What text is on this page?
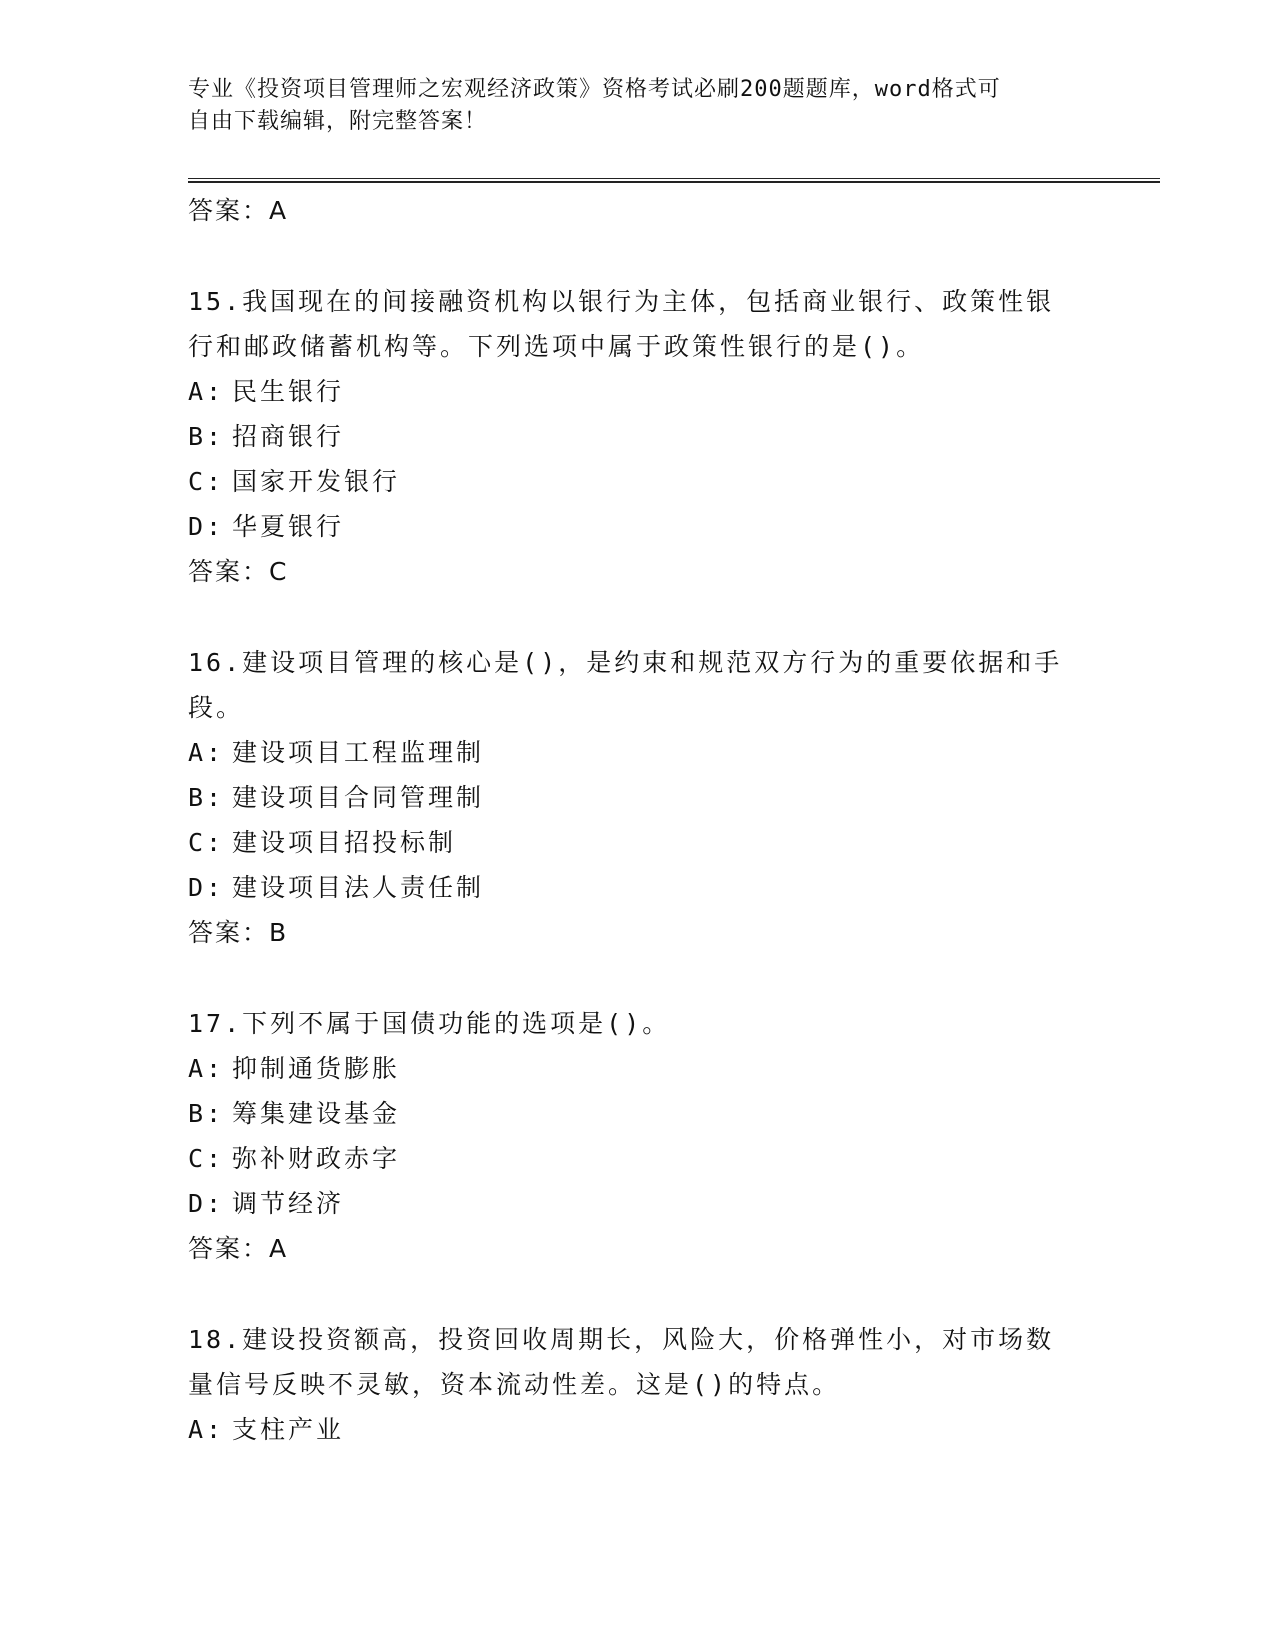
专业《投资项目管理师之宏观经济政策》资格考试必刷200题题库，word格式可
自由下载编辑，附完整答案！
答案：A
15.我国现在的间接融资机构以银行为主体，包括商业银行、政策性银
行和邮政储蓄机构等。下列选项中属于政策性银行的是()。
A: 民生银行
B: 招商银行
C: 国家开发银行
D: 华夏银行
答案：C
16.建设项目管理的核心是()，是约束和规范双方行为的重要依据和手
段。
A: 建设项目工程监理制
B: 建设项目合同管理制
C: 建设项目招投标制
D: 建设项目法人责任制
答案：B
17.下列不属于国债功能的选项是()。
A: 抑制通货膨胀
B: 筹集建设基金
C: 弥补财政赤字
D: 调节经济
答案：A
18.建设投资额高，投资回收周期长，风险大，价格弹性小，对市场数
量信号反映不灵敏，资本流动性差。这是()的特点。
A: 支柱产业
